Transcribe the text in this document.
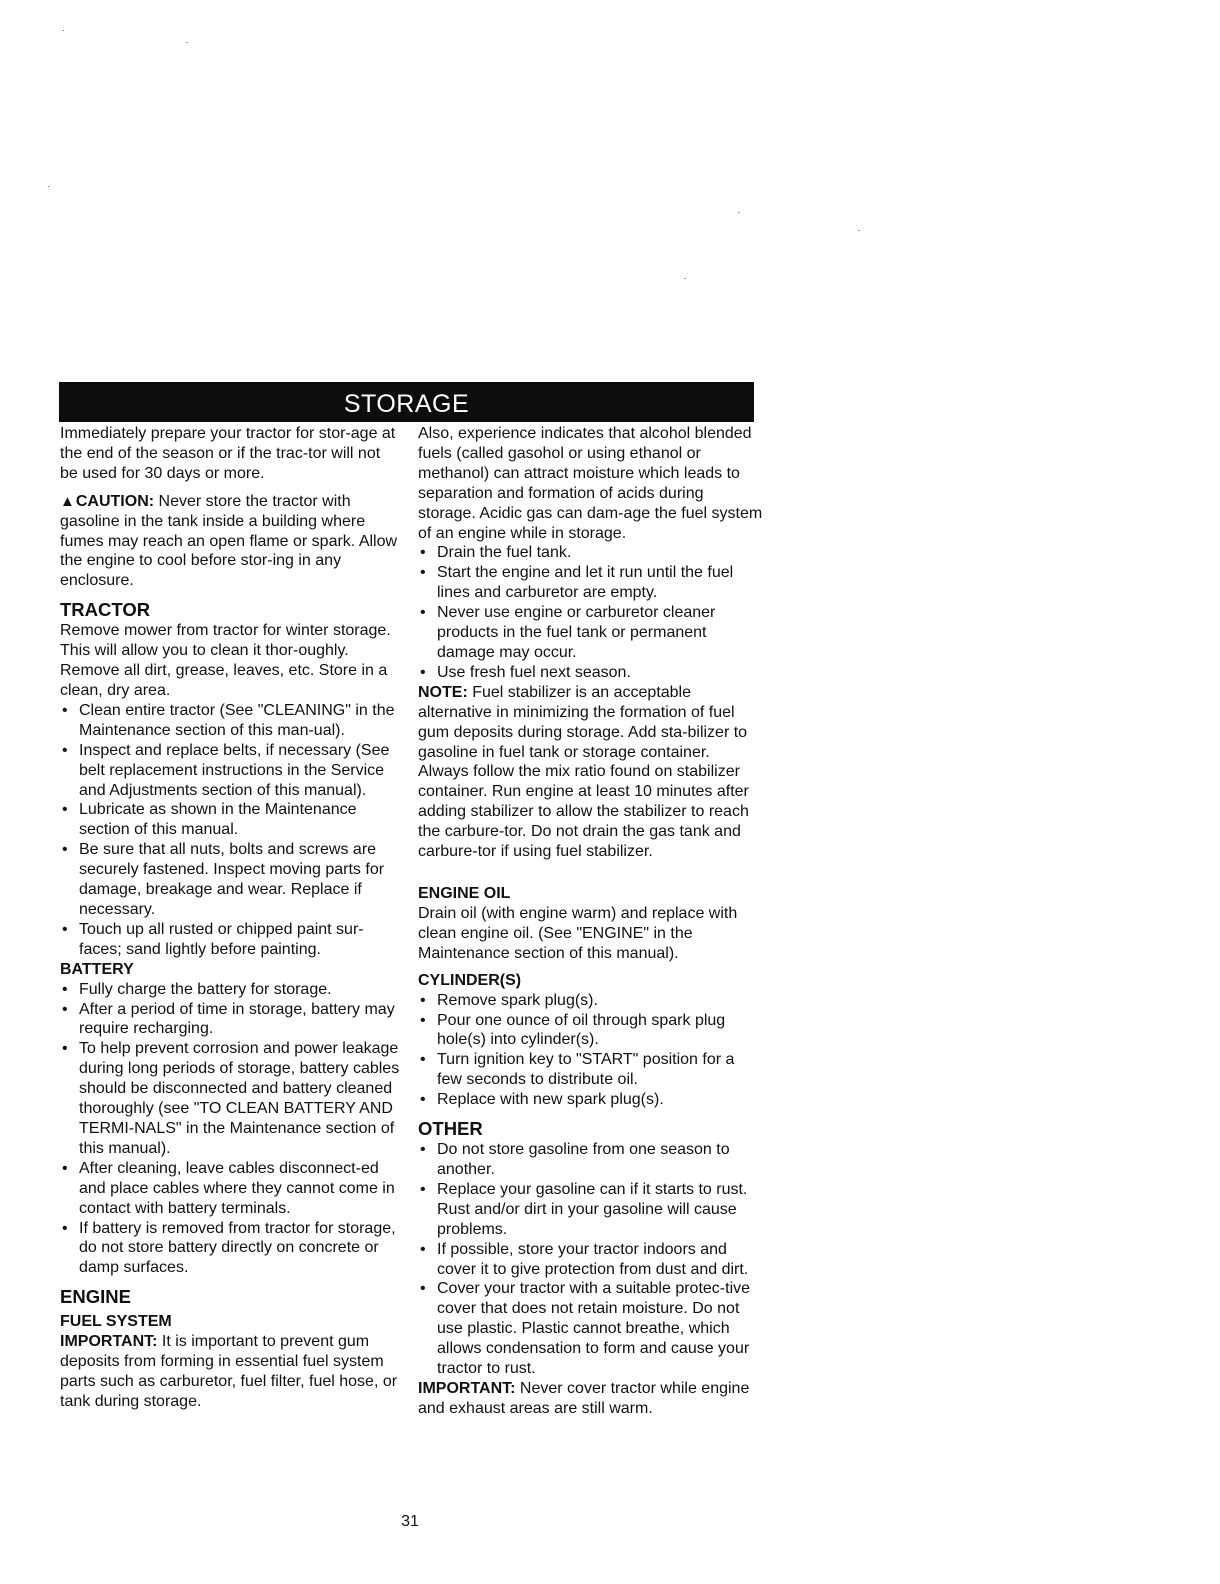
STORAGE

Immediately prepare your tractor for stor-age at the end of the season or if the trac-tor will not be used for 30 days or more.

▲CAUTION: Never store the tractor with gasoline in the tank inside a building where fumes may reach an open flame or spark. Allow the engine to cool before stor-ing in any enclosure.

TRACTOR

Remove mower from tractor for winter storage. This will allow you to clean it thor-oughly. Remove all dirt, grease, leaves, etc. Store in a clean, dry area.

• Clean entire tractor (See "CLEANING" in the Maintenance section of this man-ual).
• Inspect and replace belts, if necessary (See belt replacement instructions in the Service and Adjustments section of this manual).
• Lubricate as shown in the Maintenance section of this manual.
• Be sure that all nuts, bolts and screws are securely fastened. Inspect moving parts for damage, breakage and wear. Replace if necessary.
• Touch up all rusted or chipped paint sur-faces; sand lightly before painting.
BATTERY
• Fully charge the battery for storage.
• After a period of time in storage, battery may require recharging.
• To help prevent corrosion and power leakage during long periods of storage, battery cables should be disconnected and battery cleaned thoroughly (see "TO CLEAN BATTERY AND TERMI-NALS" in the Maintenance section of this manual).
• After cleaning, leave cables disconnect-ed and place cables where they cannot come in contact with battery terminals.
• If battery is removed from tractor for storage, do not store battery directly on concrete or damp surfaces.
ENGINE
FUEL SYSTEM

IMPORTANT: It is important to prevent gum deposits from forming in essential fuel system parts such as carburetor, fuel filter, fuel hose, or tank during storage.

Also, experience indicates that alcohol blended fuels (called gasohol or using ethanol or methanol) can attract moisture which leads to separation and formation of acids during storage. Acidic gas can dam-age the fuel system of an engine while in storage.

• Drain the fuel tank.
• Start the engine and let it run until the fuel lines and carburetor are empty.
• Never use engine or carburetor cleaner products in the fuel tank or permanent damage may occur.
• Use fresh fuel next season.

NOTE: Fuel stabilizer is an acceptable alternative in minimizing the formation of fuel gum deposits during storage. Add sta-bilizer to gasoline in fuel tank or storage container. Always follow the mix ratio found on stabilizer container. Run engine at least 10 minutes after adding stabilizer to allow the stabilizer to reach the carbure-tor. Do not drain the gas tank and carbure-tor if using fuel stabilizer.

ENGINE OIL

Drain oil (with engine warm) and replace with clean engine oil. (See "ENGINE" in the Maintenance section of this manual).

CYLINDER(S)
• Remove spark plug(s).
• Pour one ounce of oil through spark plug hole(s) into cylinder(s).
• Turn ignition key to "START" position for a few seconds to distribute oil.
• Replace with new spark plug(s).
OTHER
• Do not store gasoline from one season to another.
• Replace your gasoline can if it starts to rust. Rust and/or dirt in your gasoline will cause problems.
• If possible, store your tractor indoors and cover it to give protection from dust and dirt.
• Cover your tractor with a suitable protec-tive cover that does not retain moisture. Do not use plastic. Plastic cannot breathe, which allows condensation to form and cause your tractor to rust.

IMPORTANT: Never cover tractor while engine and exhaust areas are still warm.

31
